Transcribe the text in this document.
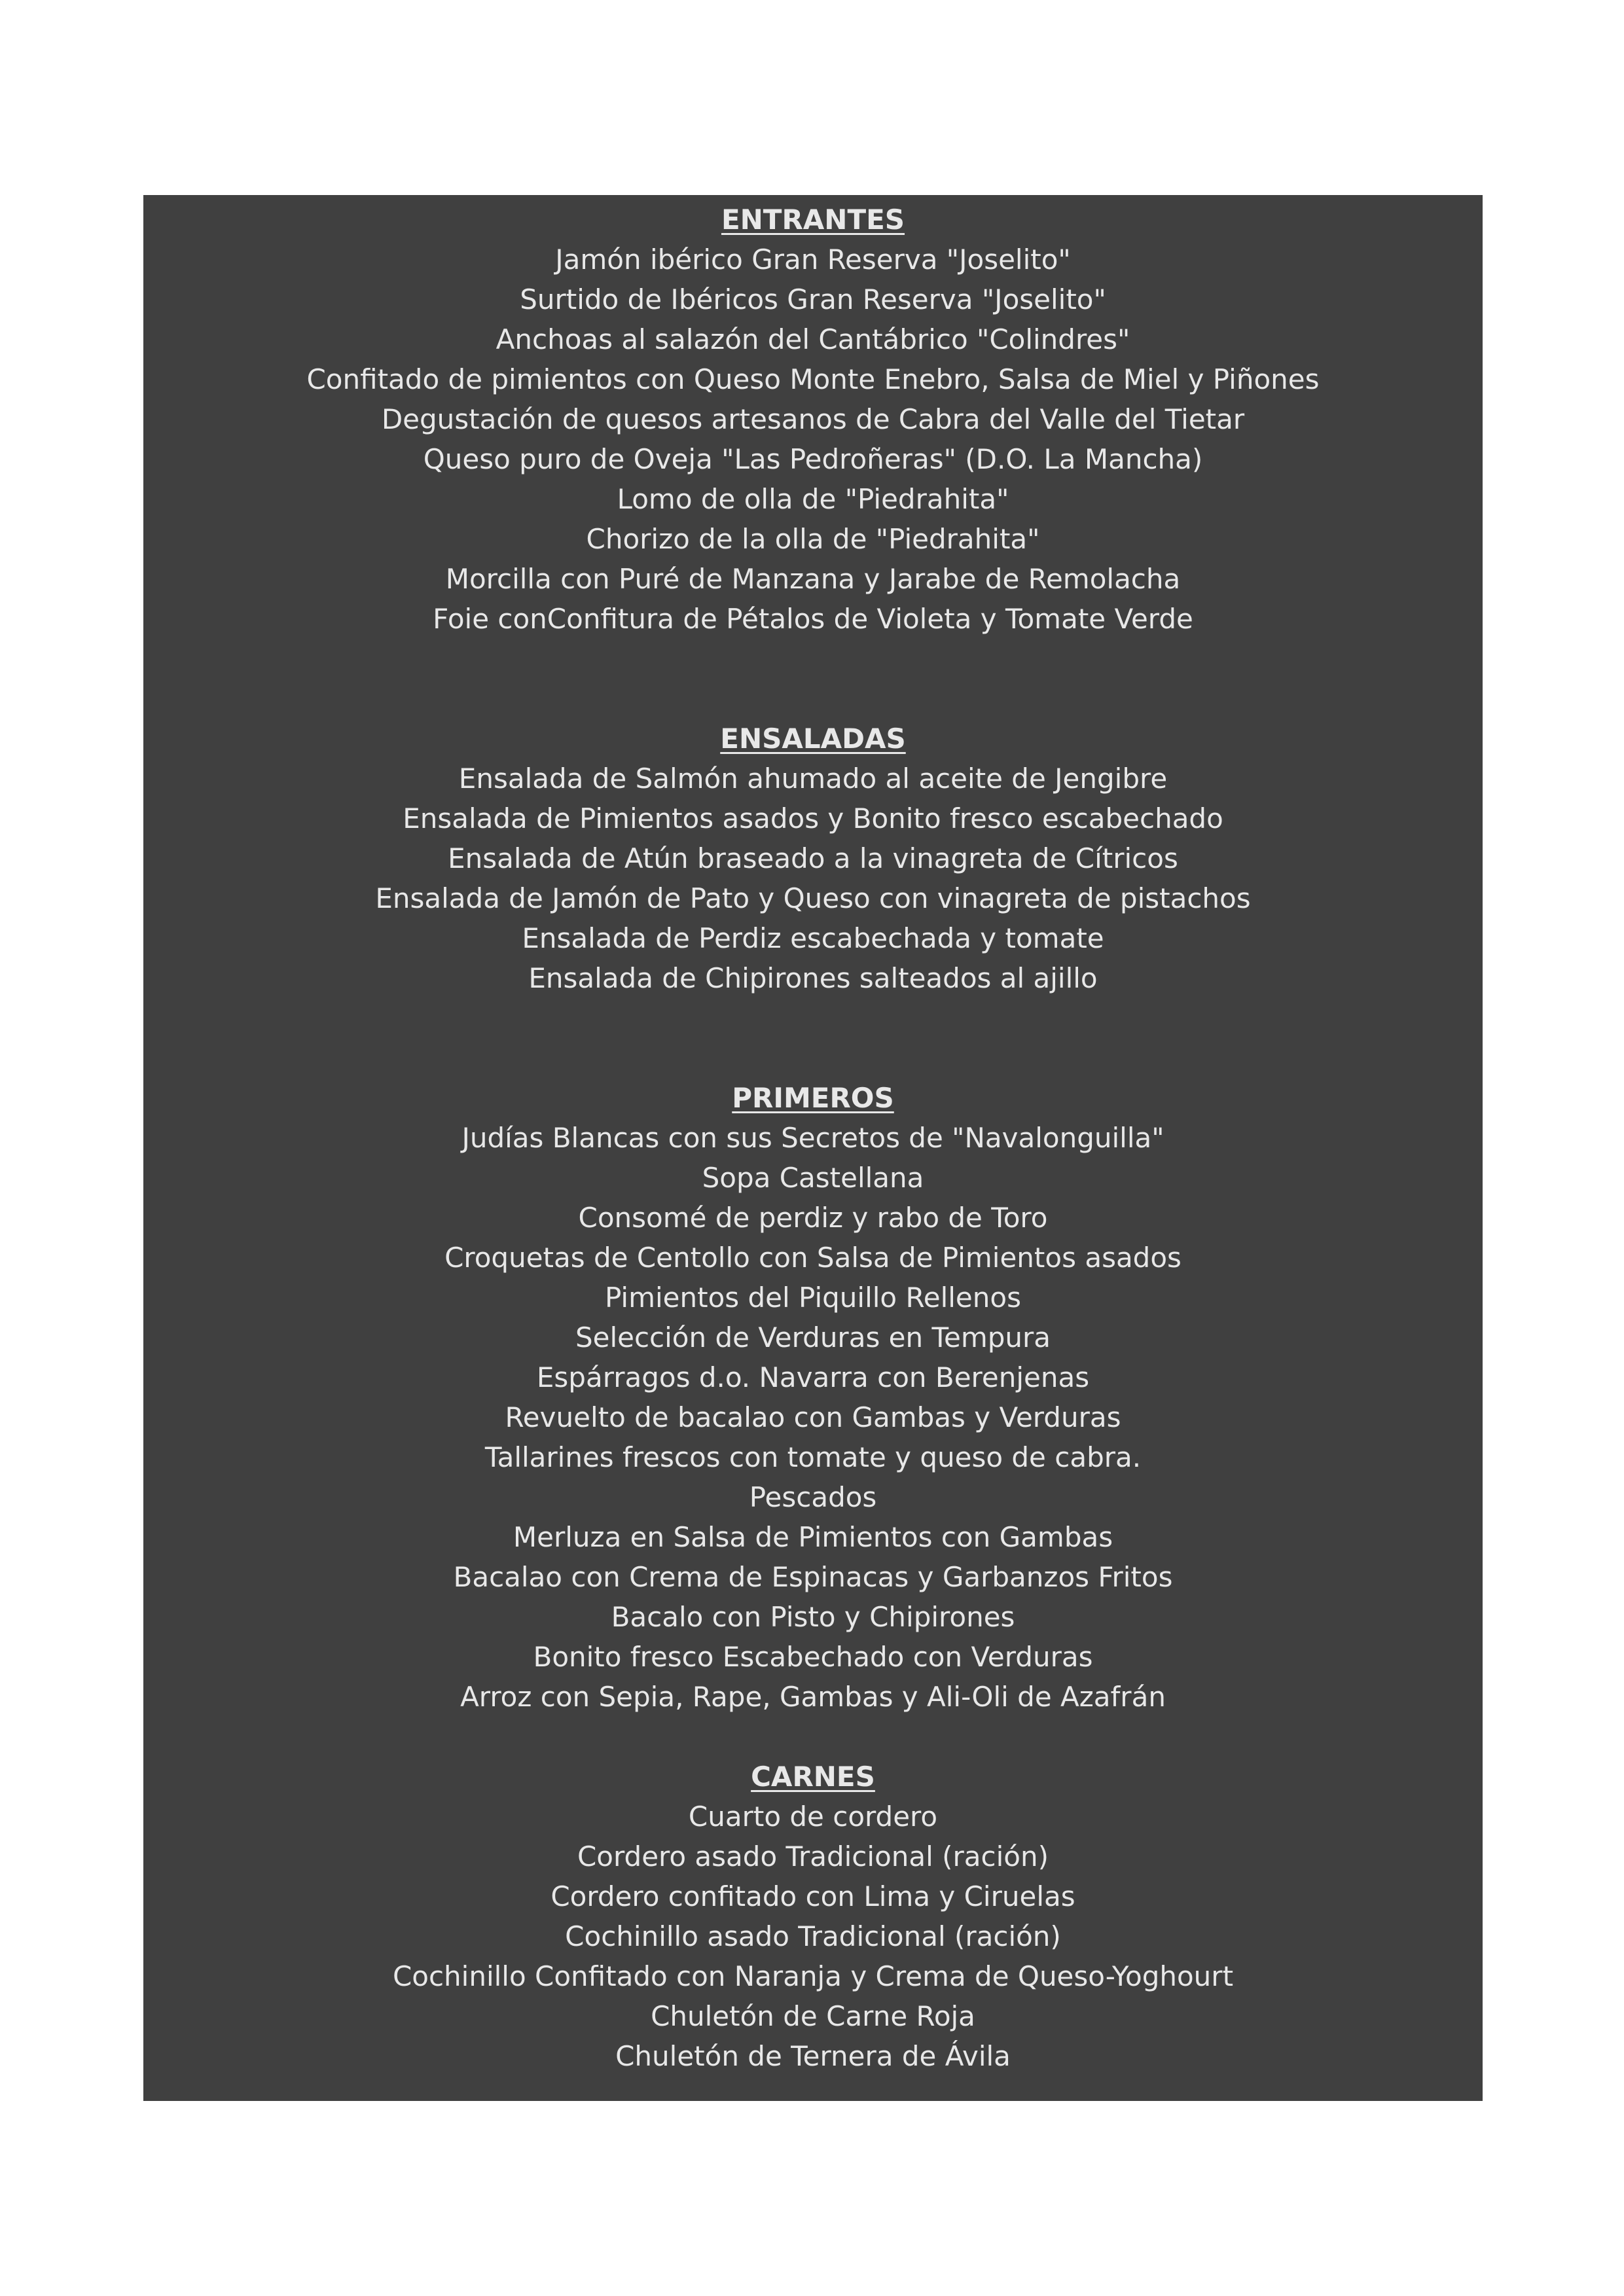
ENTRANTES
Jamón ibérico Gran Reserva "Joselito"
Surtido de Ibéricos Gran Reserva "Joselito"
Anchoas al salazón del Cantábrico "Colindres"
Confitado de pimientos con Queso Monte Enebro, Salsa de Miel y Piñones
Degustación de quesos artesanos de Cabra del Valle del Tietar
Queso puro de Oveja "Las Pedroñeras" (D.O. La Mancha)
Lomo de olla de "Piedrahita"
Chorizo de la olla de "Piedrahita"
Morcilla con Puré de Manzana y Jarabe de Remolacha
Foie conConfitura de Pétalos de Violeta y Tomate Verde
ENSALADAS
Ensalada de Salmón ahumado al aceite de Jengibre
Ensalada de Pimientos asados y Bonito fresco escabechado
Ensalada de Atún braseado a la vinagreta de Cítricos
Ensalada de Jamón de Pato y Queso con vinagreta de pistachos
Ensalada de Perdiz escabechada y tomate
Ensalada de Chipirones salteados al ajillo
PRIMEROS
Judías Blancas con sus Secretos de "Navalonguilla"
Sopa Castellana
Consomé de perdiz y rabo de Toro
Croquetas de Centollo con Salsa de Pimientos asados
Pimientos del Piquillo Rellenos
Selección de Verduras en Tempura
Espárragos d.o. Navarra con Berenjenas
Revuelto de bacalao con Gambas y Verduras
Tallarines frescos con tomate y queso de cabra.
Pescados
Merluza en Salsa de Pimientos con Gambas
Bacalao con Crema de Espinacas y Garbanzos Fritos
Bacalo con Pisto y Chipirones
Bonito fresco Escabechado con Verduras
Arroz con Sepia, Rape, Gambas y Ali-Oli de Azafrán
CARNES
Cuarto de cordero
Cordero asado Tradicional (ración)
Cordero confitado con Lima y Ciruelas
Cochinillo asado Tradicional (ración)
Cochinillo Confitado con Naranja y Crema de Queso-Yoghourt
Chuletón de Carne Roja
Chuletón de Ternera de Ávila
